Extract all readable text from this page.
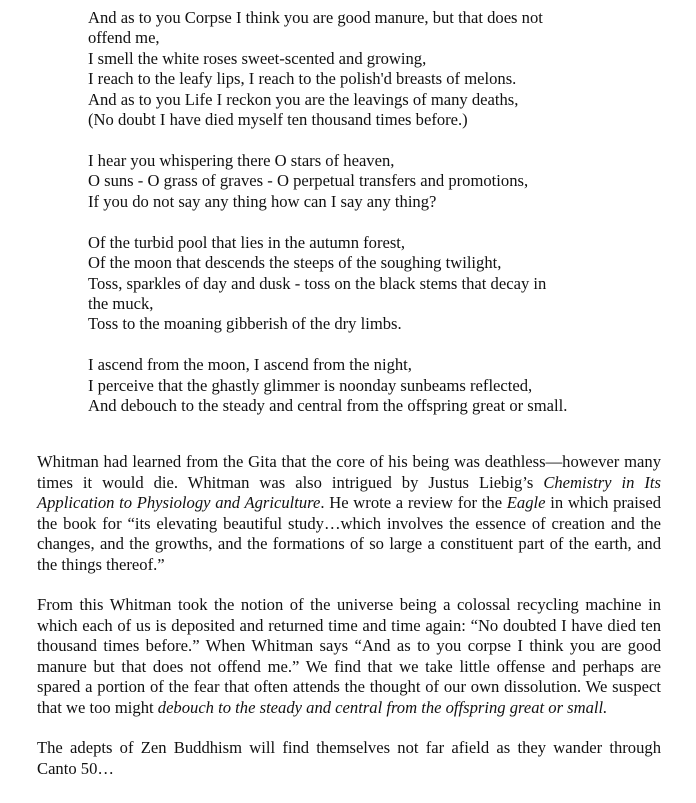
And as to you Corpse I think you are good manure, but that does not offend me,
I smell the white roses sweet-scented and growing,
I reach to the leafy lips, I reach to the polish'd breasts of melons.
And as to you Life I reckon you are the leavings of many deaths,
(No doubt I have died myself ten thousand times before.)
I hear you whispering there O stars of heaven,
O suns - O grass of graves - O perpetual transfers and promotions,
If you do not say any thing how can I say any thing?
Of the turbid pool that lies in the autumn forest,
Of the moon that descends the steeps of the soughing twilight,
Toss, sparkles of day and dusk - toss on the black stems that decay in the muck,
Toss to the moaning gibberish of the dry limbs.
I ascend from the moon, I ascend from the night,
I perceive that the ghastly glimmer is noonday sunbeams reflected,
And debouch to the steady and central from the offspring great or small.

Whitman had learned from the Gita that the core of his being was deathless—however many times it would die. Whitman was also intrigued by Justus Liebig’s Chemistry in Its Application to Physiology and Agriculture. He wrote a review for the Eagle in which praised the book for “its elevating beautiful study…which involves the essence of creation and the changes, and the growths, and the formations of so large a constituent part of the earth, and the things thereof.”

From this Whitman took the notion of the universe being a colossal recycling machine in which each of us is deposited and returned time and time again: “No doubted I have died ten thousand times before.” When Whitman says “And as to you corpse I think you are good manure but that does not offend me.” We find that we take little offense and perhaps are spared a portion of the fear that often attends the thought of our own dissolution. We suspect that we too might debouch to the steady and central from the offspring great or small.

The adepts of Zen Buddhism will find themselves not far afield as they wander through Canto 50…
